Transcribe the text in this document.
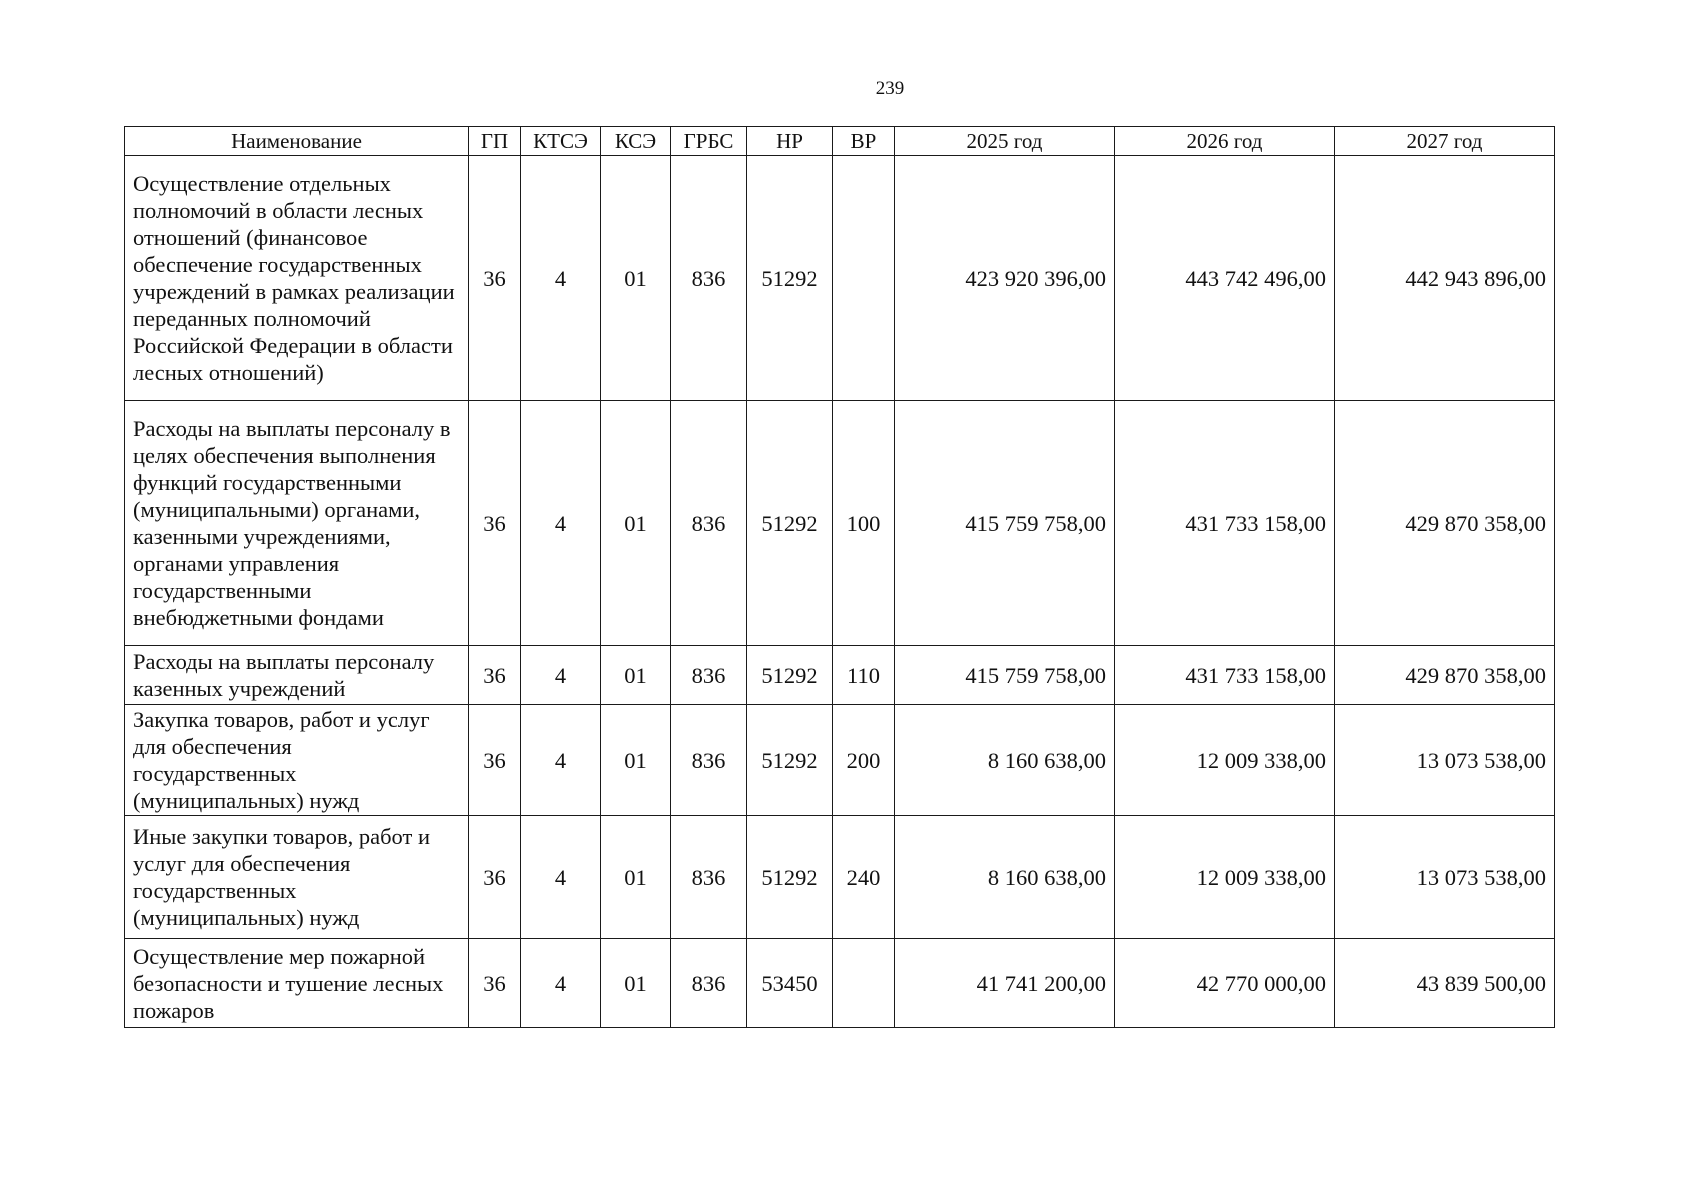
239
Наименование	ГП	КТСЭ	КСЭ	ГРБС	НР	ВР	2025 год	2026 год	2027 год
Осуществление отдельных полномочий в области лесных отношений (финансовое обеспечение государственных учреждений в рамках реализации переданных полномочий Российской Федерации в области лесных отношений)	36	4	01	836	51292		423 920 396,00	443 742 496,00	442 943 896,00
Расходы на выплаты персоналу в целях обеспечения выполнения функций государственными (муниципальными) органами, казенными учреждениями, органами управления государственными внебюджетными фондами	36	4	01	836	51292	100	415 759 758,00	431 733 158,00	429 870 358,00
Расходы на выплаты персоналу казенных учреждений	36	4	01	836	51292	110	415 759 758,00	431 733 158,00	429 870 358,00
Закупка товаров, работ и услуг для обеспечения государственных (муниципальных) нужд	36	4	01	836	51292	200	8 160 638,00	12 009 338,00	13 073 538,00
Иные закупки товаров, работ и услуг для обеспечения государственных (муниципальных) нужд	36	4	01	836	51292	240	8 160 638,00	12 009 338,00	13 073 538,00
Осуществление мер пожарной безопасности и тушение лесных пожаров	36	4	01	836	53450		41 741 200,00	42 770 000,00	43 839 500,00
